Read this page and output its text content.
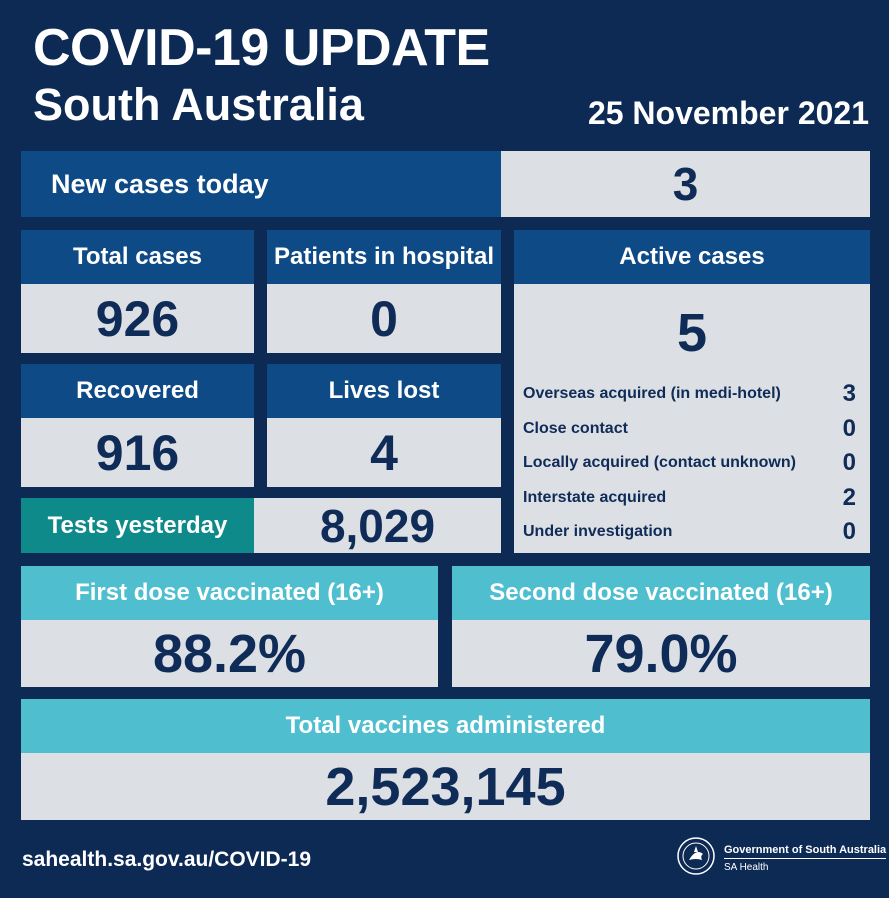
COVID-19 UPDATE
South Australia	25 November 2021
New cases today	3
Total cases
926
Patients in hospital
0
Recovered
916
Lives lost
4
Tests yesterday 8,029
Active cases
5
Overseas acquired (in medi-hotel)	3
Close contact	0
Locally acquired (contact unknown) 0
Interstate acquired	2
Under investigation	0
First dose vaccinated (16+)
88.2%
Second dose vaccinated (16+)
79.0%
Total vaccines administered
2,523,145
sahealth.sa.gov.au/COVID-19	Government of South Australia
SA Health
